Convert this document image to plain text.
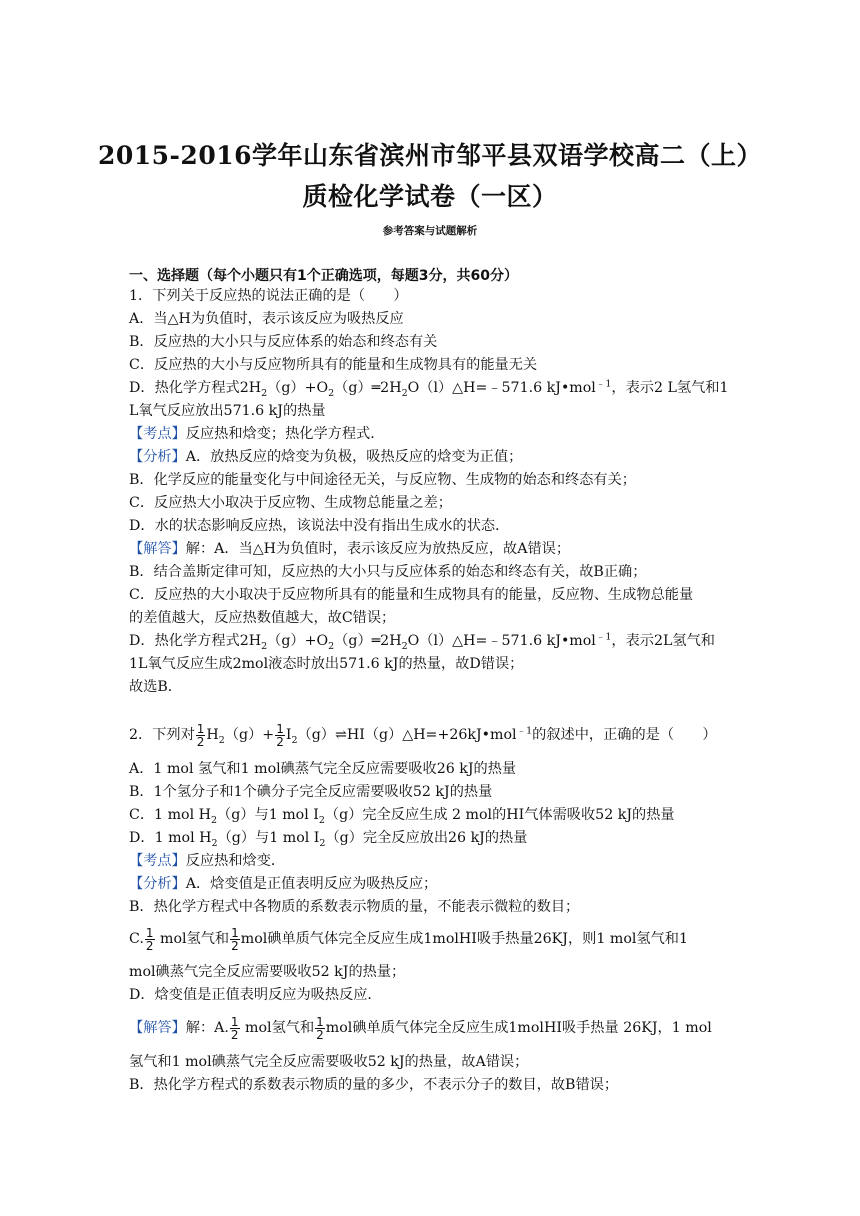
2015-2016学年山东省滨州市邹平县双语学校高二（上）
质检化学试卷（一区）
参考答案与试题解析
一、选择题（每个小题只有1个正确选项，每题3分，共60分）
1．下列关于反应热的说法正确的是（　　）
A．当△H为负值时，表示该反应为吸热反应
B．反应热的大小只与反应体系的始态和终态有关
C．反应热的大小与反应物所具有的能量和生成物具有的能量无关
D．热化学方程式$2H_2(g)+O_2(g)═2H_2O(l)\triangle H=﹣571.6$ kJ•mol$^{﹣1}$，表示2 L氢气和1
L氧气反应放出571.6 kJ的热量
【考点】反应热和焓变；热化学方程式．
【分析】A．放热反应的焓变为负极，吸热反应的焓变为正值；
B．化学反应的能量变化与中间途径无关，与反应物、生成物的始态和终态有关；
C．反应热大小取决于反应物、生成物总能量之差；
D．水的状态影响反应热，该说法中没有指出生成水的状态．
【解答】解：A．当△H为负值时，表示该反应为放热反应，故A错误；
B．结合盖斯定律可知，反应热的大小只与反应体系的始态和终态有关，故B正确；
C．反应热的大小取决于反应物所具有的能量和生成物具有的能量，反应物、生成物总能量
的差值越大，反应热数值越大，故C错误；
D．热化学方程式$2H_2(g)+O_2(g)═2H_2O(l)\triangle H=﹣571.6$ kJ•mol$^{﹣1}$，表示2L氢气和
1L氧气反应生成2mol液态时放出571.6 kJ的热量，故D错误；
故选B．
2．下列对 $\frac{1}{2} H_2(g)+ \frac{1}{2}$ $I_2(g)\rightleftharpoons HI(g)\triangle H=+26kJ•mol^{﹣1}$的叙述中，正确的是（　　）
A．1 mol 氢气和1 mol碘蒸气完全反应需要吸收26 kJ的热量
B．1个氢分子和1个碘分子完全反应需要吸收52 kJ的热量
C．1 mol $H_2(g)$与1 mol $I_2(g)$完全反应生成 2 mol的HI气体需吸收52 kJ的热量
D．1 mol $H_2(g)$与1 mol $I_2(g)$完全反应放出26 kJ的热量
【考点】反应热和焓变．
【分析】A．焓变值是正值表明反应为吸热反应；
B．热化学方程式中各物质的系数表示物质的量，不能表示微粒的数目；
C. $\frac{1}{2}$ mol氢气和 $\frac{1}{2}$ mol碘单质气体完全反应生成1molHI吸手热量26KJ，则1 mol氢气和1
mol碘蒸气完全反应需要吸收52 kJ的热量；
D．焓变值是正值表明反应为吸热反应．
【解答】解：A. $\frac{1}{2}$ mol氢气和 $\frac{1}{2}$ mol碘单质气体完全反应生成1molHI吸手热量 26KJ，1 mol
氢气和1 mol碘蒸气完全反应需要吸收52 kJ的热量，故A错误；
B．热化学方程式的系数表示物质的量的多少，不表示分子的数目，故B错误；
